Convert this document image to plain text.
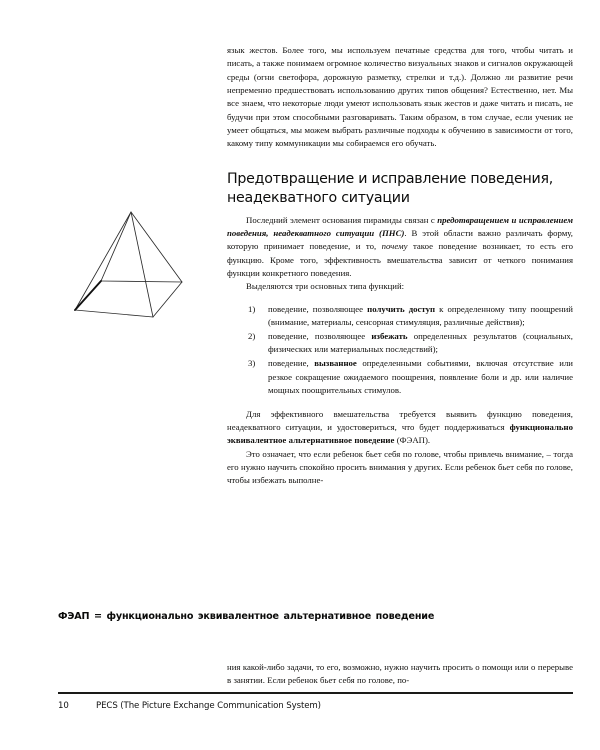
язык жестов. Более того, мы используем печатные средства для того, чтобы читать и писать, а также понимаем огромное количество визуальных знаков и сигналов окружающей среды (огни светофора, дорожную разметку, стрелки и т.д.). Должно ли развитие речи непременно предшествовать использованию других типов общения? Естественно, нет. Мы все знаем, что некоторые люди умеют использовать язык жестов и даже читать и писать, не будучи при этом способными разговаривать. Таким образом, в том случае, если ученик не умеет общаться, мы можем выбрать различные подходы к обучению в зависимости от того, какому типу коммуникации мы собираемся его обучать.

Предотвращение и исправление поведения,
неадекватного ситуации

Последний элемент основания пирамиды связан с предотвращением и исправлением поведения, неадекватного ситуации (ПНС). В этой области важно различать форму, которую принимает поведение, и то, почему такое поведение возникает, то есть его функцию. Кроме того, эффективность вмешательства зависит от четкого понимания функции конкретного поведения.

Выделяются три основных типа функций:

1)	поведение, позволяющее получить доступ к определенному типу поощрений (внимание, материалы, сенсорная стимуляция, различные действия);
2)	поведение, позволяющее избежать определенных результатов (социальных, физических или материальных последствий);
3)	поведение, вызванное определенными событиями, включая отсутствие или резкое сокращение ожидаемого поощрения, появление боли и др. или наличие мощных поощрительных стимулов.

Для эффективного вмешательства требуется выявить функцию поведения, неадекватного ситуации, и удостовериться, что будет поддерживаться функционально эквивалентное альтернативное поведение (ФЭАП).

Это означает, что если ребенок бьет себя по голове, чтобы привлечь внимание, – тогда его нужно научить спокойно просить внимания у других. Если ребенок бьет себя по голове, чтобы избежать выполне-

ФЭАП = функционально эквивалентное альтернативное поведение

ния какой-либо задачи, то его, возможно, нужно научить просить о помощи или о перерыве в занятии. Если ребенок бьет себя по голове, по-

10	PECS (The Picture Exchange Communication System)
